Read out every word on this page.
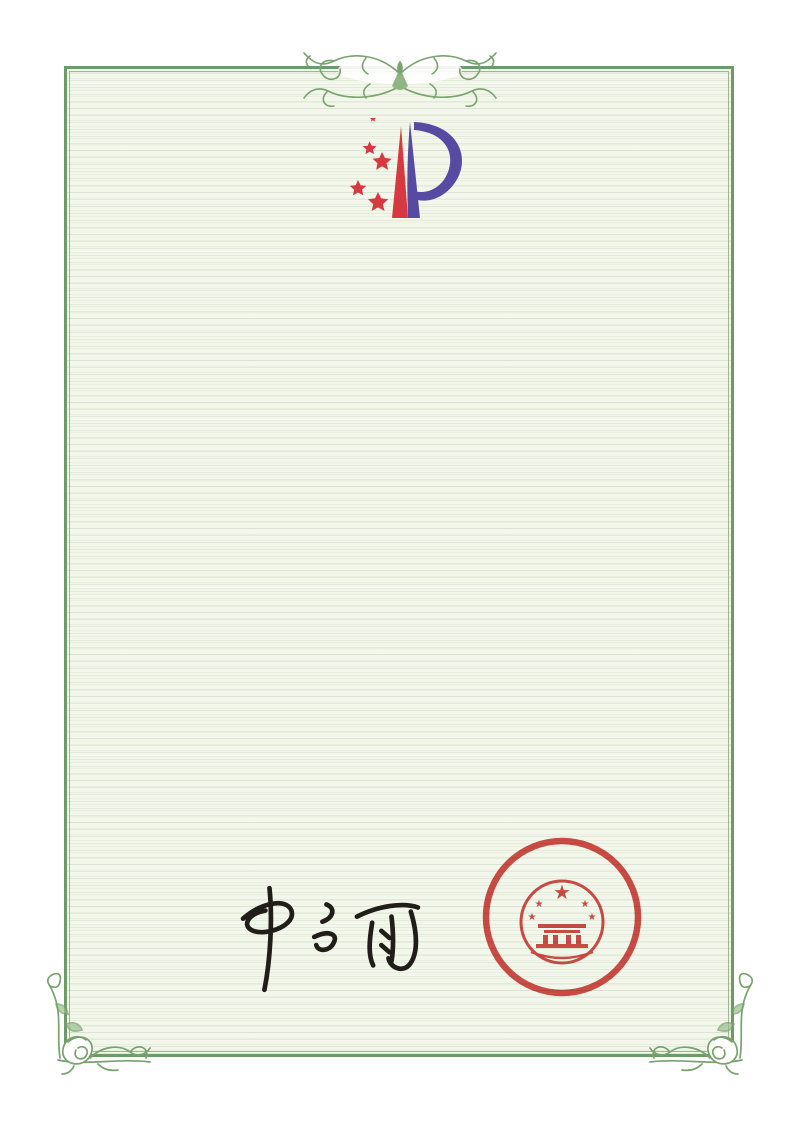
★
★	★
★	★
